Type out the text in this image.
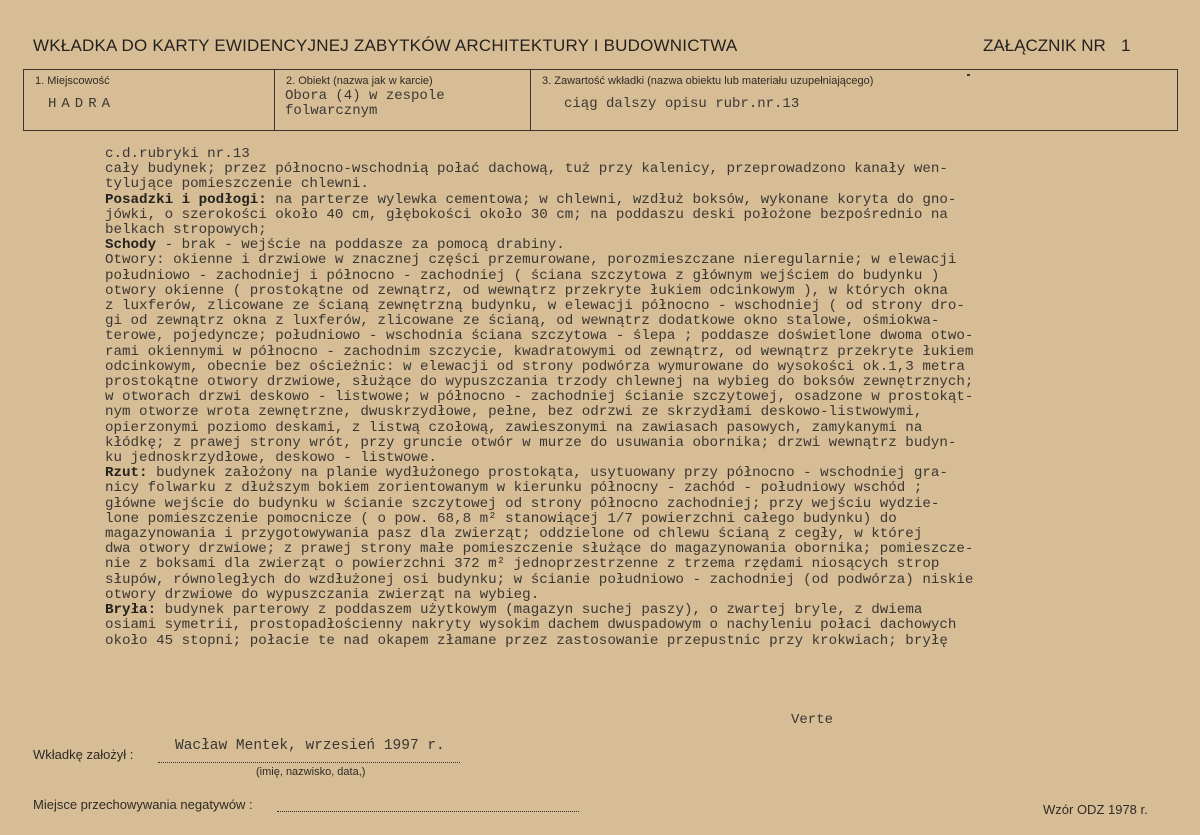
WKŁADKA DO KARTY EWIDENCYJNEJ ZABYTKÓW ARCHITEKTURY I BUDOWNICTWA	ZAŁĄCZNIK NR 1
1. Miejscowość
HADRA
2. Obiekt (nazwa jak w karcie)
Obora (4) w zespole
folwarcznym
3. Zawartość wkładki (nazwa obiektu lub materiału uzupełniającego)
ciąg dalszy opisu rubr.nr.13
c.d.rubryki nr.13
cały budynek; przez północno-wschodnią połać dachową, tuż przy kalenicy, przeprowadzono kanały wen-
tylujące pomieszczenie chlewni.
Posadzki i podłogi: na parterze wylewka cementowa; w chlewni, wzdłuż boksów, wykonane koryta do gno-
jówki, o szerokości około 40 cm, głębokości około 30 cm; na poddaszu deski położone bezpośrednio na
belkach stropowych;
Schody - brak - wejście na poddasze za pomocą drabiny.
Otwory: okienne i drzwiowe w znacznej części przemurowane, porozmieszczane nieregularnie; w elewacji
południowo - zachodniej i północno - zachodniej ( ściana szczytowa z głównym wejściem do budynku )
otwory okienne ( prostokątne od zewnątrz, od wewnątrz przekryte łukiem odcinkowym ), w których okna
z luxferów, zlicowane ze ścianą zewnętrzną budynku, w elewacji północno - wschodniej ( od strony dro-
gi od zewnątrz okna z luxferów, zlicowane ze ścianą, od wewnątrz dodatkowe okno stalowe, ośmiokwa-
terowe, pojedyncze; południowo - wschodnia ściana szczytowa - ślepa ; poddasze doświetlone dwoma otwo-
rami okiennymi w północno - zachodnim szczycie, kwadratowymi od zewnątrz, od wewnątrz przekryte łukiem
odcinkowym, obecnie bez ościeżnic: w elewacji od strony podwórza wymurowane do wysokości ok.1,3 metra
prostokątne otwory drzwiowe, służące do wypuszczania trzody chlewnej na wybieg do boksów zewnętrznych;
w otworach drzwi deskowo - listwowe; w północno - zachodniej ścianie szczytowej, osadzone w prostokąt-
nym otworze wrota zewnętrzne, dwuskrzydłowe, pełne, bez odrzwi ze skrzydłami deskowo-listwowymi,
opierzonymi poziomo deskami, z listwą czołową, zawieszonymi na zawiasach pasowych, zamykanymi na
kłódkę; z prawej strony wrót, przy gruncie otwór w murze do usuwania obornika; drzwi wewnątrz budyn-
ku jednoskrzydłowe, deskowo - listwowe.
Rzut: budynek założony na planie wydłużonego prostokąta, usytuowany przy północno - wschodniej gra-
nicy folwarku z dłuższym bokiem zorientowanym w kierunku północny - zachód - południowy wschód ;
główne wejście do budynku w ścianie szczytowej od strony północno zachodniej; przy wejściu wydzie-
lone pomieszczenie pomocnicze ( o pow. 68,8 m² stanowiącej 1/7 powierzchni całego budynku) do
magazynowania i przygotowywania pasz dla zwierząt; oddzielone od chlewu ścianą z cegły, w której
dwa otwory drzwiowe; z prawej strony małe pomieszczenie służące do magazynowania obornika; pomieszcze-
nie z boksami dla zwierząt o powierzchni 372 m² jednoprzestrzenne z trzema rzędami niosących strop
słupów, równoległych do wzdłużonej osi budynku; w ścianie południowo - zachodniej (od podwórza) niskie
otwory drzwiowe do wypuszczania zwierząt na wybieg.
Bryła: budynek parterowy z poddaszem użytkowym (magazyn suchej paszy), o zwartej bryle, z dwiema
osiami symetrii, prostopadłościenny nakryty wysokim dachem dwuspadowym o nachyleniu połaci dachowych
około 45 stopni; połacie te nad okapem złamane przez zastosowanie przepustnic przy krokwiach; bryłę
Verte
Wkładkę założył :
Wacław Mentek, wrzesień 1997 r.
(imię, nazwisko, data,)
Miejsce przechowywania negatywów :	Wzór ODZ 1978 r.
